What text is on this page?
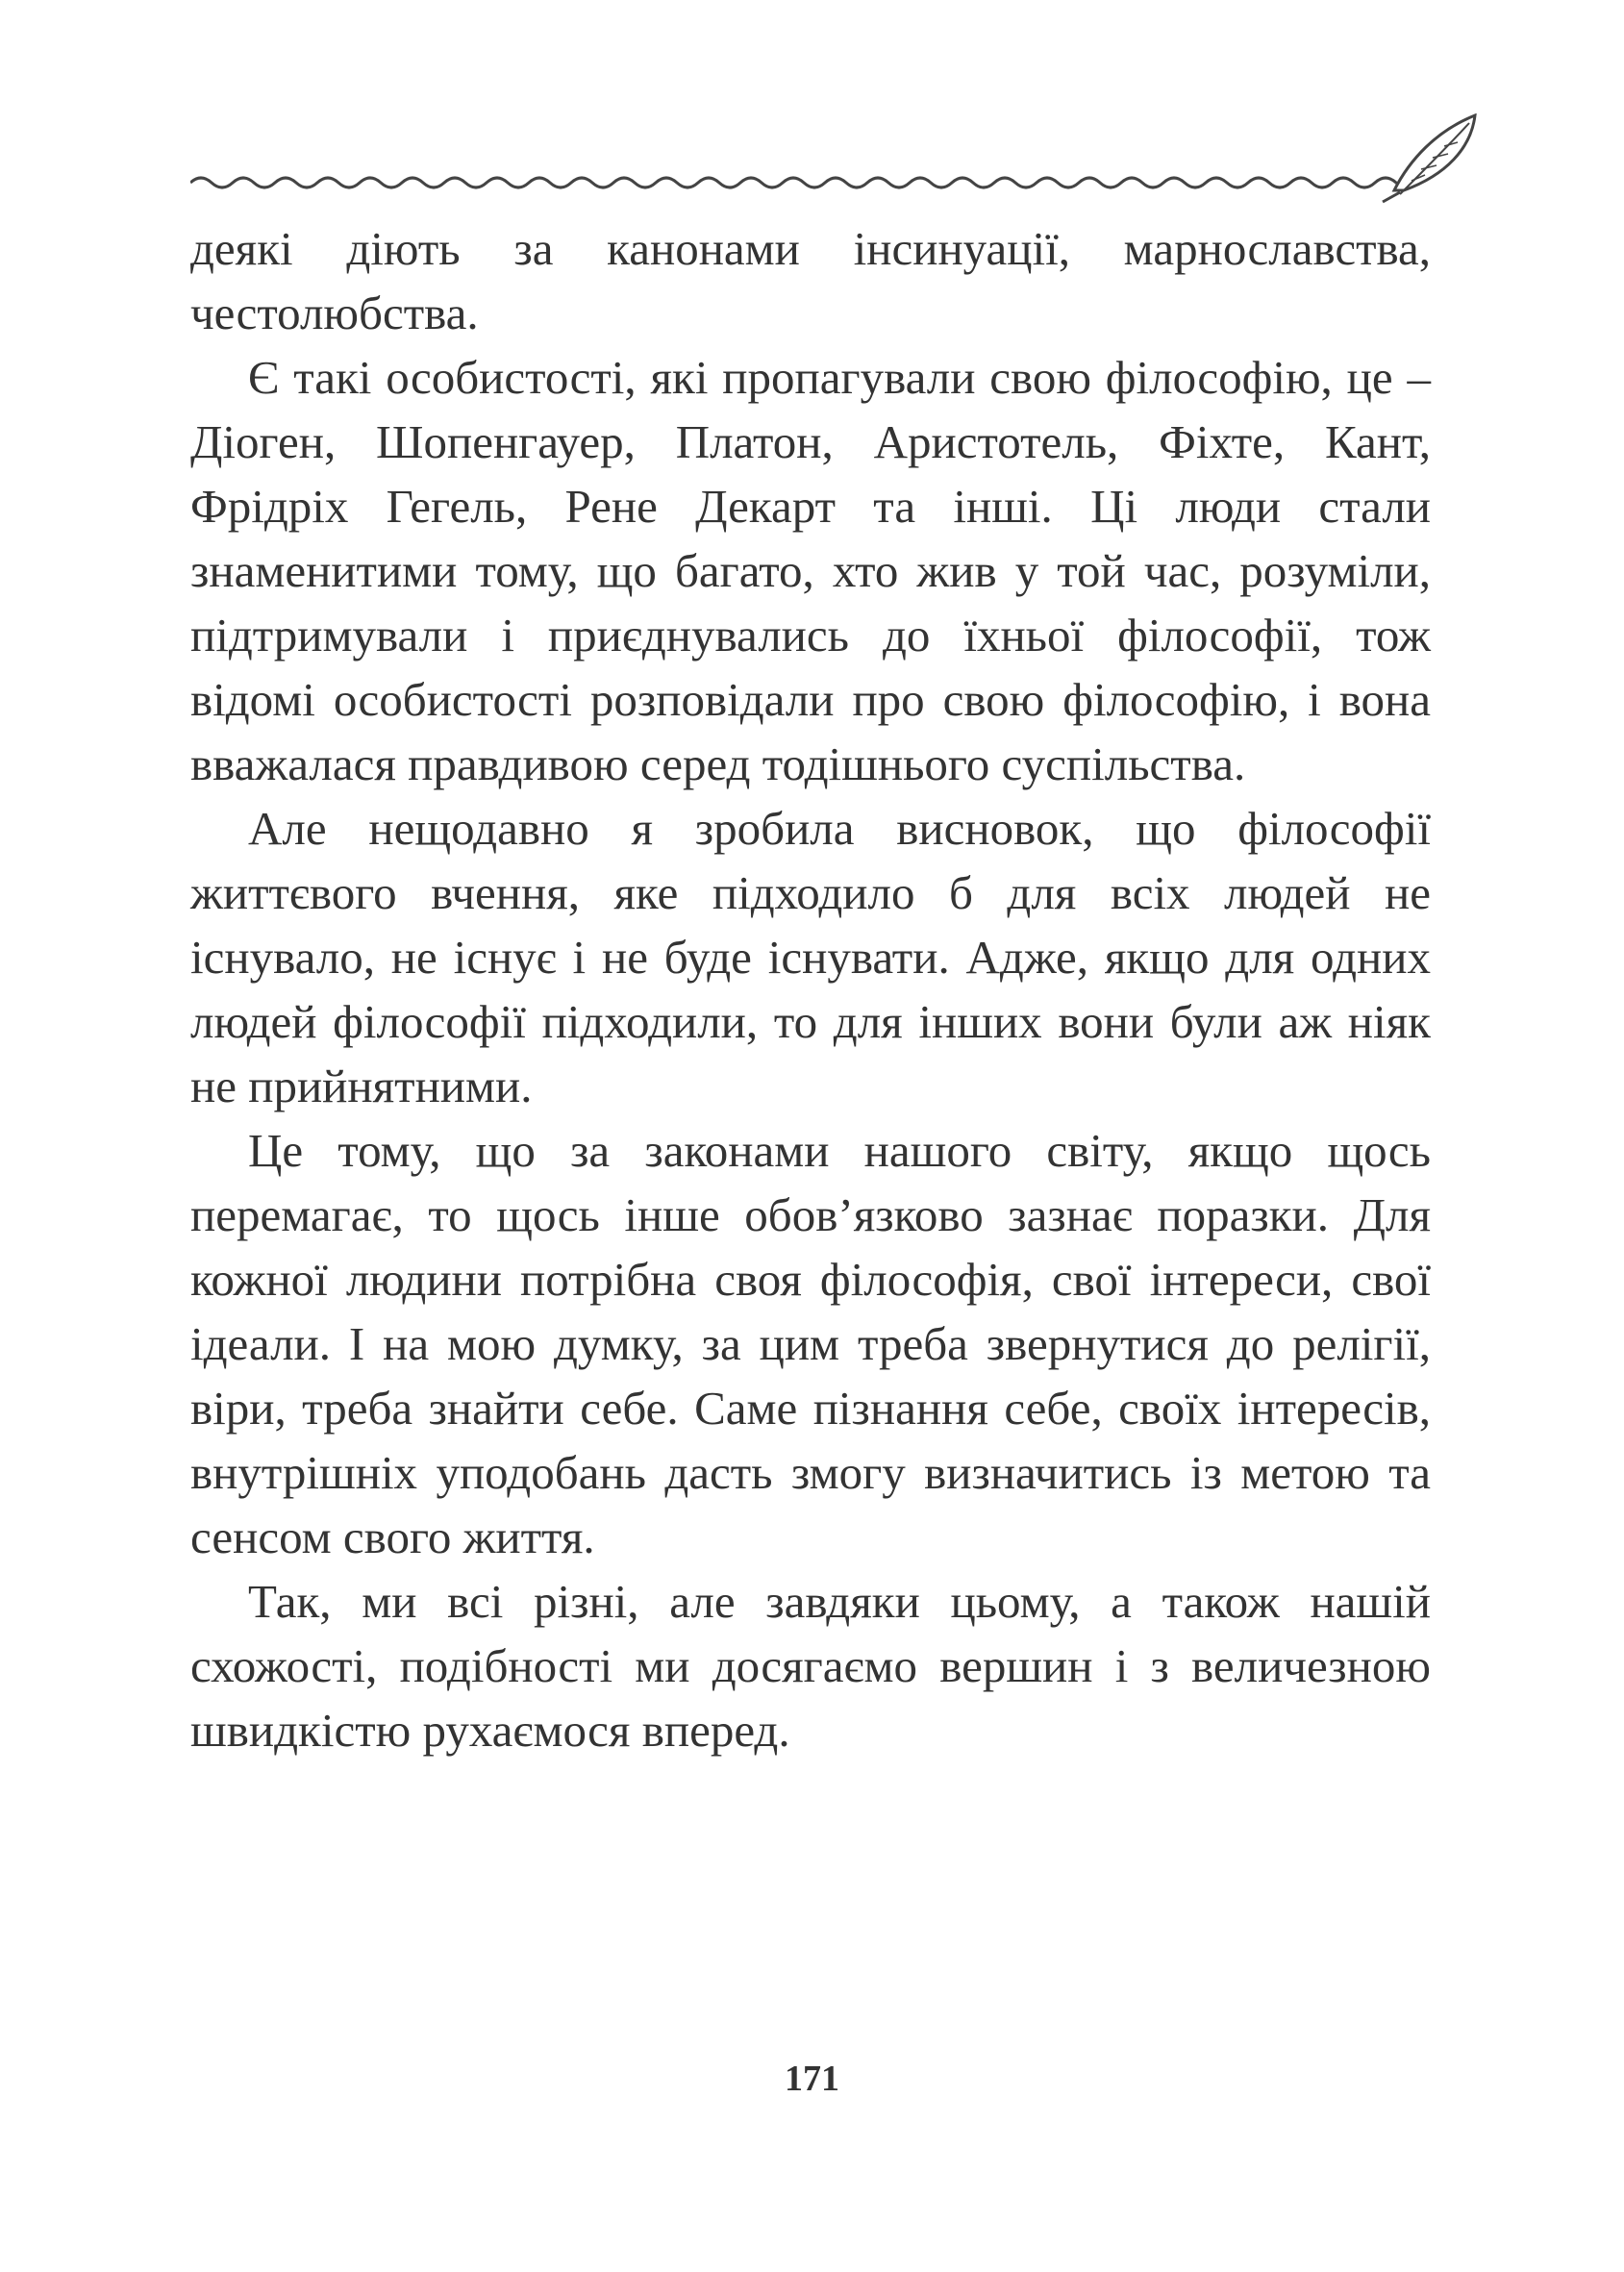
деякі діють за канонами інсинуації, марнославства, честолюбства.

Є такі особистості, які пропагували свою філософію, це – Діоген, Шопенгауер, Платон, Аристотель, Фіхте, Кант, Фрідріх Гегель, Рене Декарт та інші. Ці люди стали знаменитими тому, що багато, хто жив у той час, розуміли, підтримували і приєднувались до їхньої філософії, тож відомі особистості розповідали про свою філософію, і вона вважалася правдивою серед тодішнього суспільства.

Але нещодавно я зробила висновок, що філософії життєвого вчення, яке підходило б для всіх людей не існувало, не існує і не буде існувати. Адже, якщо для одних людей філософії підходили, то для інших вони були аж ніяк не прийнятними.

Це тому, що за законами нашого світу, якщо щось перемагає, то щось інше обов’язково зазнає поразки. Для кожної людини потрібна своя філософія, свої інтереси, свої ідеали. І на мою думку, за цим треба звернутися до релігії, віри, треба знайти себе. Саме пізнання себе, своїх інтересів, внутрішніх уподобань дасть змогу визначитись із метою та сенсом свого життя.

Так, ми всі різні, але завдяки цьому, а також нашій схожості, подібності ми досягаємо вершин і з величезною швидкістю рухаємося вперед.

171
